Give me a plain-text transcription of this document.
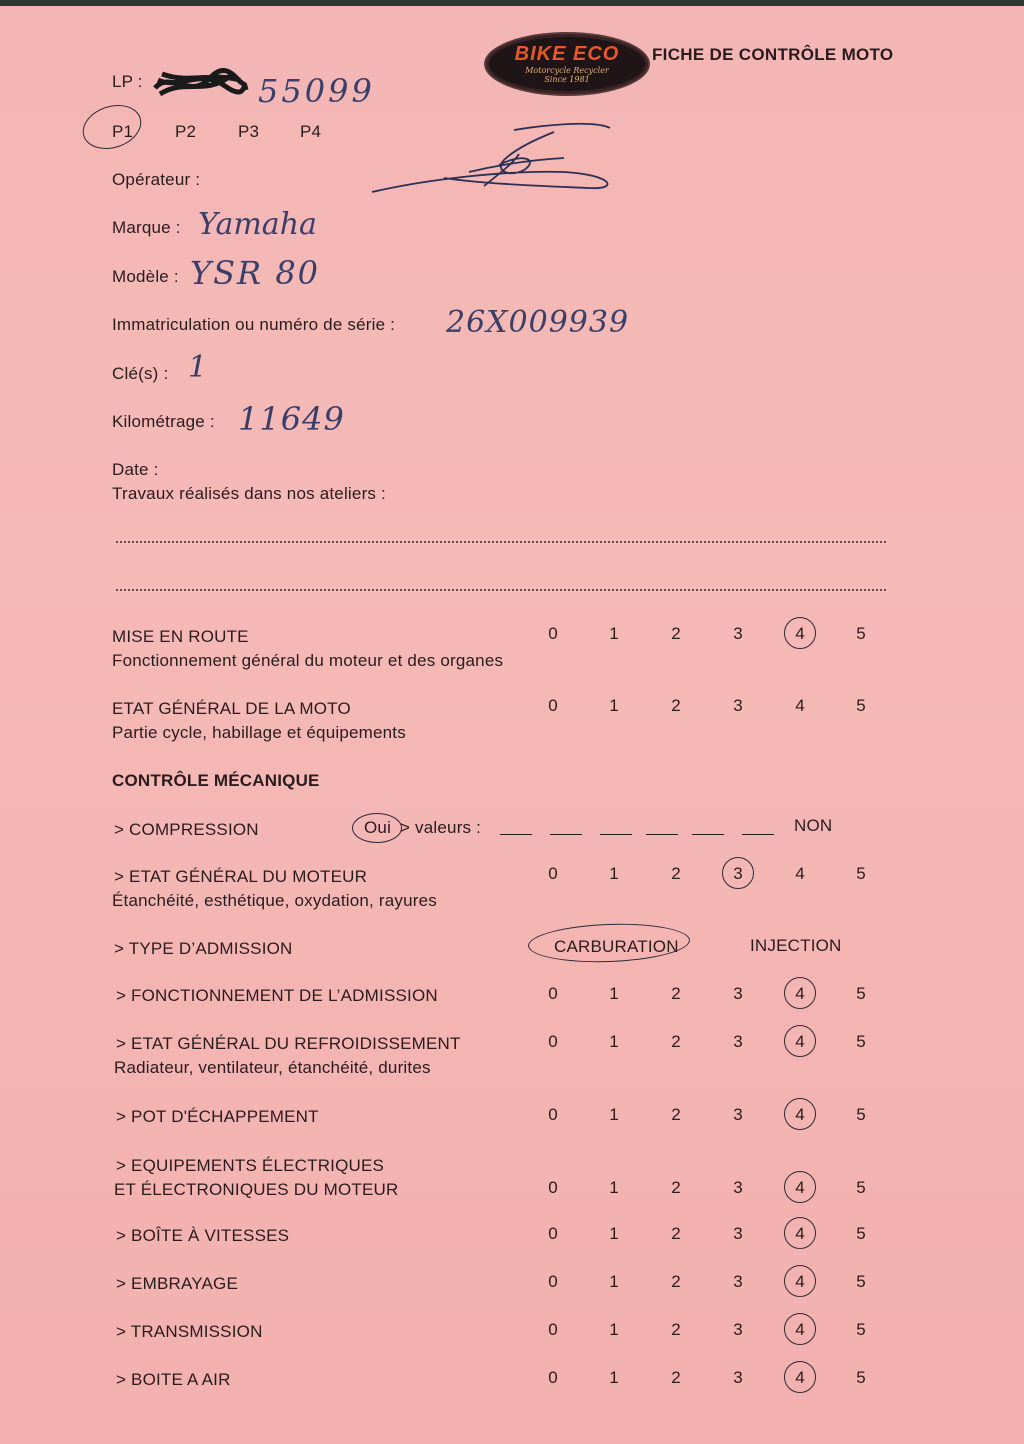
BIKE ECO
Motorcycle Recycler
Since 1981
FICHE DE CONTRÔLE MOTO
LP :	55099
P1 P2 P3 P4
Opérateur :
Marque : Yamaha
Modèle : YSR 80
Immatriculation ou numéro de série : 26X009939
Clé(s) : 1
Kilométrage : 11649
Date :
Travaux réalisés dans nos ateliers :
MISE EN ROUTE
Fonctionnement général du moteur et des organes
0	1	2	3	4	5
ETAT GÉNÉRAL DE LA MOTO
Partie cycle, habillage et équipements
0	1	2	3	4	5
CONTRÔLE MÉCANIQUE
> COMPRESSION	Oui > valeurs :	NON
> ETAT GÉNÉRAL DU MOTEUR
Étanchéité, esthétique, oxydation, rayures
0	1	2	3	4	5
> TYPE D’ADMISSION	CARBURATION	INJECTION
> FONCTIONNEMENT DE L’ADMISSION	0	1	2	3	4	5
> ETAT GÉNÉRAL DU REFROIDISSEMENT
Radiateur, ventilateur, étanchéité, durites
0	1	2	3	4	5
> POT D'ÉCHAPPEMENT	0	1	2	3	4	5
> EQUIPEMENTS ÉLECTRIQUES
ET ÉLECTRONIQUES DU MOTEUR	0	1	2	3	4	5
> BOÎTE À VITESSES	0	1	2	3	4	5
> EMBRAYAGE	0	1	2	3	4	5
> TRANSMISSION	0	1	2	3	4	5
> BOITE A AIR	0	1	2	3	4	5
